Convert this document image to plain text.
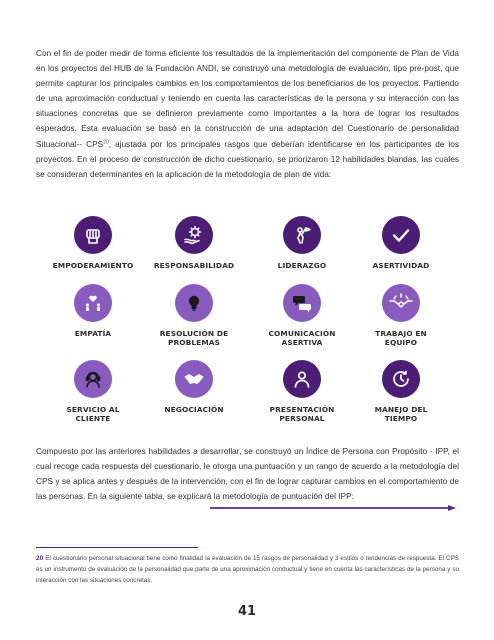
Con el fin de poder medir de forma eficiente los resultados de la implementación del componente de Plan de Vida en los proyectos del HUB de la Fundación ANDI, se construyó una metodología de evaluación, tipo pre-post, que permite capturar los principales cambios en los comportamientos de los beneficiarios de los proyectos. Partiendo de una aproximación conductual y teniendo en cuenta las características de la persona y su interacción con las situaciones concretas que se definieron previamente como importantes a la hora de lograr los resultados esperados. Esta evaluación se basó en la construcción de una adaptación del Cuestionario de personalidad Situacional-- CPS$^{20}$, ajustada por los principales rasgos que deberían identificarse en los participantes de los proyectos. En el proceso de construcción de dicho cuestionario, se priorizaron 12 habilidades blandas, las cuales se consideran determinantes en la aplicación de la metodología de plan de vida:
EMPODERAMIENTO	RESPONSABILIDAD	LIDERAZGO	ASERTIVIDAD
EMPATÍA	RESOLUCIÓN DE
PROBLEMAS
COMUNICACIÓN
ASERTIVA
TRABAJO EN
EQUIPO
SERVICIO AL
CLIENTE
NEGOCIACIÓN	PRESENTACIÓN
PERSONAL
MANEJO DEL
TIEMPO
Compuesto por las anteriores habilidades a desarrollar, se construyó un Índice de Persona con Propósito - IPP, el cual recoge cada respuesta del cuestionario, le otorga una puntuación y un rango de acuerdo a la metodología del CPS y se aplica antes y después de la intervención, con el fin de lograr capturar cambios en el comportamiento de las personas. En la siguiente tabla, se explicará la metodología de puntuación del IPP:
20 El cuestionario personal situacional tiene como finalidad la evaluación de 15 rasgos de personalidad y 3 estilos o tendencias de respuesta. El CPS es un instrumento de evaluación de la personalidad que parte de una aproximación conductual y tiene en cuenta las características de la persona y su interacción con las situaciones concretas.
41
